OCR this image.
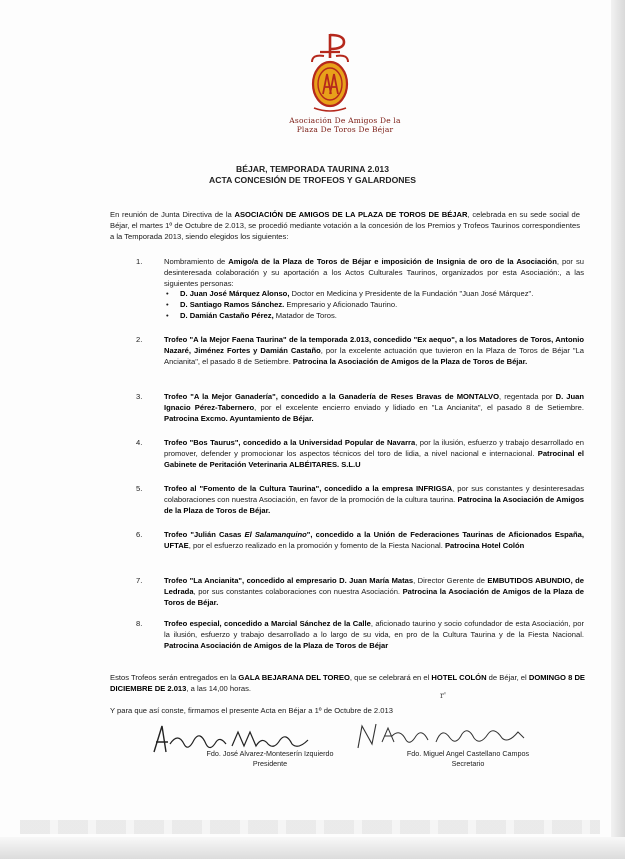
Asociación De Amigos De la
Plaza De Toros De Béjar
BÉJAR, TEMPORADA TAURINA 2.013
ACTA CONCESIÓN DE TROFEOS Y GALARDONES
En reunión de Junta Directiva de la ASOCIACIÓN DE AMIGOS DE LA PLAZA DE TOROS DE BÉJAR, celebrada en su sede social de Béjar, el martes 1º de Octubre de 2.013, se procedió mediante votación a la concesión de los Premios y Trofeos Taurinos correspondientes a la Temporada 2013, siendo elegidos los siguientes:
1.	Nombramiento de Amigo/a de la Plaza de Toros de Béjar e imposición de Insignia de oro de la Asociación, por su desinteresada colaboración y su aportación a los Actos Culturales Taurinos, organizados por esta Asociación:, a las siguientes personas:
• D. Juan José Márquez Alonso, Doctor en Medicina y Presidente de la Fundación "Juan José Márquez".
• D. Santiago Ramos Sánchez. Empresario y Aficionado Taurino.
• D. Damián Castaño Pérez, Matador de Toros.
2.	Trofeo "A la Mejor Faena Taurina" de la temporada 2.013, concedido "Ex aequo", a los Matadores de Toros, Antonio Nazaré, Jiménez Fortes y Damián Castaño, por la excelente actuación que tuvieron en la Plaza de Toros de Béjar "La Ancianita", el pasado 8 de Setiembre. Patrocina la Asociación de Amigos de la Plaza de Toros de Béjar.
3.	Trofeo "A la Mejor Ganadería", concedido a la Ganadería de Reses Bravas de MONTALVO, regentada por D. Juan Ignacio Pérez-Tabernero, por el excelente encierro enviado y lidiado en "La Ancianita", el pasado 8 de Setiembre. Patrocina Excmo. Ayuntamiento de Béjar.
4.	Trofeo "Bos Taurus", concedido a la Universidad Popular de Navarra, por la ilusión, esfuerzo y trabajo desarrollado en promover, defender y promocionar los aspectos técnicos del toro de lidia, a nivel nacional e internacional. Patrocinal el Gabinete de Peritación Veterinaria ALBÉITARES. S.L.U
5.	Trofeo al "Fomento de la Cultura Taurina", concedido a la empresa INFRIGSA, por sus constantes y desinteresadas colaboraciones con nuestra Asociación, en favor de la promoción de la cultura taurina. Patrocina la Asociación de Amigos de la Plaza de Toros de Béjar.
6.	Trofeo "Julián Casas El Salamanquino", concedido a la Unión de Federaciones Taurinas de Aficionados España, UFTAE, por el esfuerzo realizado en la promoción y fomento de la Fiesta Nacional. Patrocina Hotel Colón
7.	Trofeo "La Ancianita", concedido al empresario D. Juan María Matas, Director Gerente de EMBUTIDOS ABUNDIO, de Ledrada, por sus constantes colaboraciones con nuestra Asociación. Patrocina la Asociación de Amigos de la Plaza de Toros de Béjar.
8.	Trofeo especial, concedido a Marcial Sánchez de la Calle, aficionado taurino y socio cofundador de esta Asociación, por la ilusión, esfuerzo y trabajo desarrollado a lo largo de su vida, en pro de la Cultura Taurina y de la Fiesta Nacional. Patrocina Asociación de Amigos de la Plaza de Toros de Béjar
Estos Trofeos serán entregados en la GALA BEJARANA DEL TOREO, que se celebrará en el HOTEL COLÓN de Béjar, el DOMINGO 8 DE DICIEMBRE DE 2.013, a las 14,00 horas.
Y para que así conste, firmamos el presente Acta en Béjar a 1º de Octubre de 2.013
r'
Fdo. José Alvarez-Monteserín Izquierdo
Presidente
Fdo. Miguel Angel Castellano Campos
Secretario
